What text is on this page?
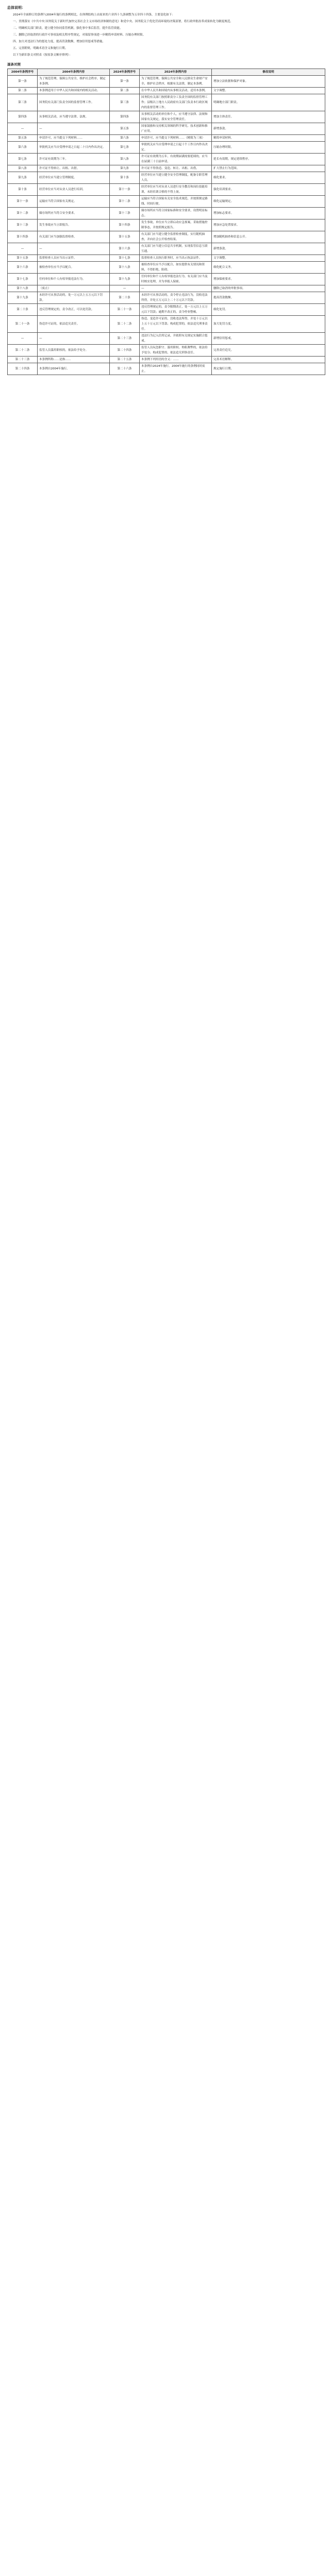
总体说明：

2024年全面修订的条例与2004年施行的条例相比，在体例结构上由原来的六章四十九条调整为五章四十四条，主要变化如下：

一、贯彻落实《中共中央 国务院关于新时代加快完善社会主义市场经济体制的意见》和党中央、国务院关于优化营商环境的决策部署，将行政审批改革成果转化为制度规范。

二、明确相关部门职责，建立健全协同监管机制，强化事中事后监管，提升监管效能。

三、删除已经取消的行政许可事项及相关程序性规定，对保留事项进一步精简申请材料、压缩办理时限。

四、加大对违法行为的惩处力度，提高罚款数额，增加信用惩戒等措施。

五、完善附则，明确术语含义和施行日期。

以下为新旧条文对照表（按原条文顺序排列）：

逐条对照
2004年条例序号	2004年条例内容	2024年条例序号	2024年条例内容	修改说明
第一条	为了规范管理，保障公共安全，维护社会秩序，制定本条例。	第一条	为了规范管理，保障公共安全和人民群众生命财产安全，维护社会秩序，根据有关法律，制定本条例。	增加立法依据和保护对象。
第二条	本条例适用于中华人民共和国境内的相关活动。	第二条	在中华人民共和国境内从事相关活动，适用本条例。	文字调整。
第三条	国务院有关部门负责全国的监督管理工作。	第三条	国务院有关部门按照职责分工负责全国的监督管理工作；县级以上地方人民政府有关部门负责本行政区域内的监督管理工作。	明确地方部门职责。
第四条	从事相关活动，应当遵守法律、法规。	第四条	从事相关活动的单位和个人，应当遵守法律、法规和国家有关规定，落实安全管理责任。	增加主体责任。
—	—	第五条	国家鼓励和支持相关领域的科学研究、技术创新和推广应用。	新增条款。
第五条	申请许可，应当提交下列材料……	第六条	申请许可，应当提交下列材料……（精简为三项）	精简申请材料。
第六条	审批机关应当自受理申请之日起二十日内作出决定。	第七条	审批机关应当自受理申请之日起十个工作日内作出决定。	压缩办理时限。
第七条	许可证有效期为三年。	第八条	许可证有效期为五年。有效期届满需要延续的，应当在届满三十日前申请。	延长有效期，规定延续程序。
第八条	许可证不得转让、出租、出借。	第九条	许可证不得伪造、变造、转让、出租、出借。	扩大禁止行为范围。
第九条	经营单位应当建立管理制度。	第十条	经营单位应当建立健全安全管理制度，配备专职管理人员。	细化要求。
第十条	经营单位应当对从业人员进行培训。	第十一条	经营单位应当对从业人员进行安全教育和岗位技能培训，未经培训合格的不得上岗。	强化培训要求。
第十一条	运输应当符合国家有关规定。	第十二条	运输应当符合国家有关安全技术规范，并按照规定路线、时间行驶。	细化运输规定。
第十二条	储存场所应当符合安全要求。	第十三条	储存场所应当符合国家标准和安全要求，设置明显标志。	增加标志要求。
第十三条	发生事故应当立即报告。	第十四条	发生事故，单位应当立即启动应急预案，采取措施控制事态，并按照规定报告。	增加应急处置要求。
第十四条	有关部门应当加强监督检查。	第十五条	有关部门应当建立健全监督检查制度，实行随机抽查，并向社会公开检查结果。	增加随机抽查和信息公开。
—	—	第十六条	有关部门应当建立信息共享机制，实现监管信息互联互通。	新增条款。
第十五条	监督检查人员应当出示证件。	第十七条	监督检查人员执行职务时，应当出示执法证件。	文字调整。
第十六条	被检查单位应当予以配合。	第十八条	被检查单位应当予以配合，如实提供有关情况和资料，不得拒绝、阻碍。	细化配合义务。
第十七条	任何单位和个人有权举报违法行为。	第十九条	任何单位和个人有权举报违法行为。有关部门应当及时核实处理，并为举报人保密。	增加保密要求。
第十八条	（废止）	—	—	删除已取消的审批事项。
第十九条	未经许可从事活动的，处一万元以上五万元以下罚款。	第二十条	未经许可从事活动的，责令停止违法行为，没收违法所得，并处五万元以上二十万元以下罚款。	提高罚款数额。
第二十条	违反管理规定的，责令改正，可以处罚款。	第二十一条	违反管理规定的，责令限期改正，处一万元以上五万元以下罚款；逾期不改正的，责令停业整顿。	细化处罚。
第二十一条	伪造许可证的，依法追究责任。	第二十二条	伪造、变造许可证的，没收违法所得，并处十万元以上五十万元以下罚款；构成犯罪的，依法追究刑事责任。	加大处罚力度。
—	—	第二十三条	违法行为记入信用记录，并依照有关规定实施联合惩戒。	新增信用惩戒。
第二十二条	监管人员滥用职权的，依法给予处分。	第二十四条	监管人员玩忽职守、滥用职权、徇私舞弊的，依法给予处分；构成犯罪的，依法追究刑事责任。	完善责任追究。
第二十三条	本条例所称……是指……	第二十五条	本条例下列用语的含义：……	完善术语解释。
第二十四条	本条例自2004年施行。	第二十六条	本条例自2024年施行。2004年施行的条例同时废止。	规定施行日期。
